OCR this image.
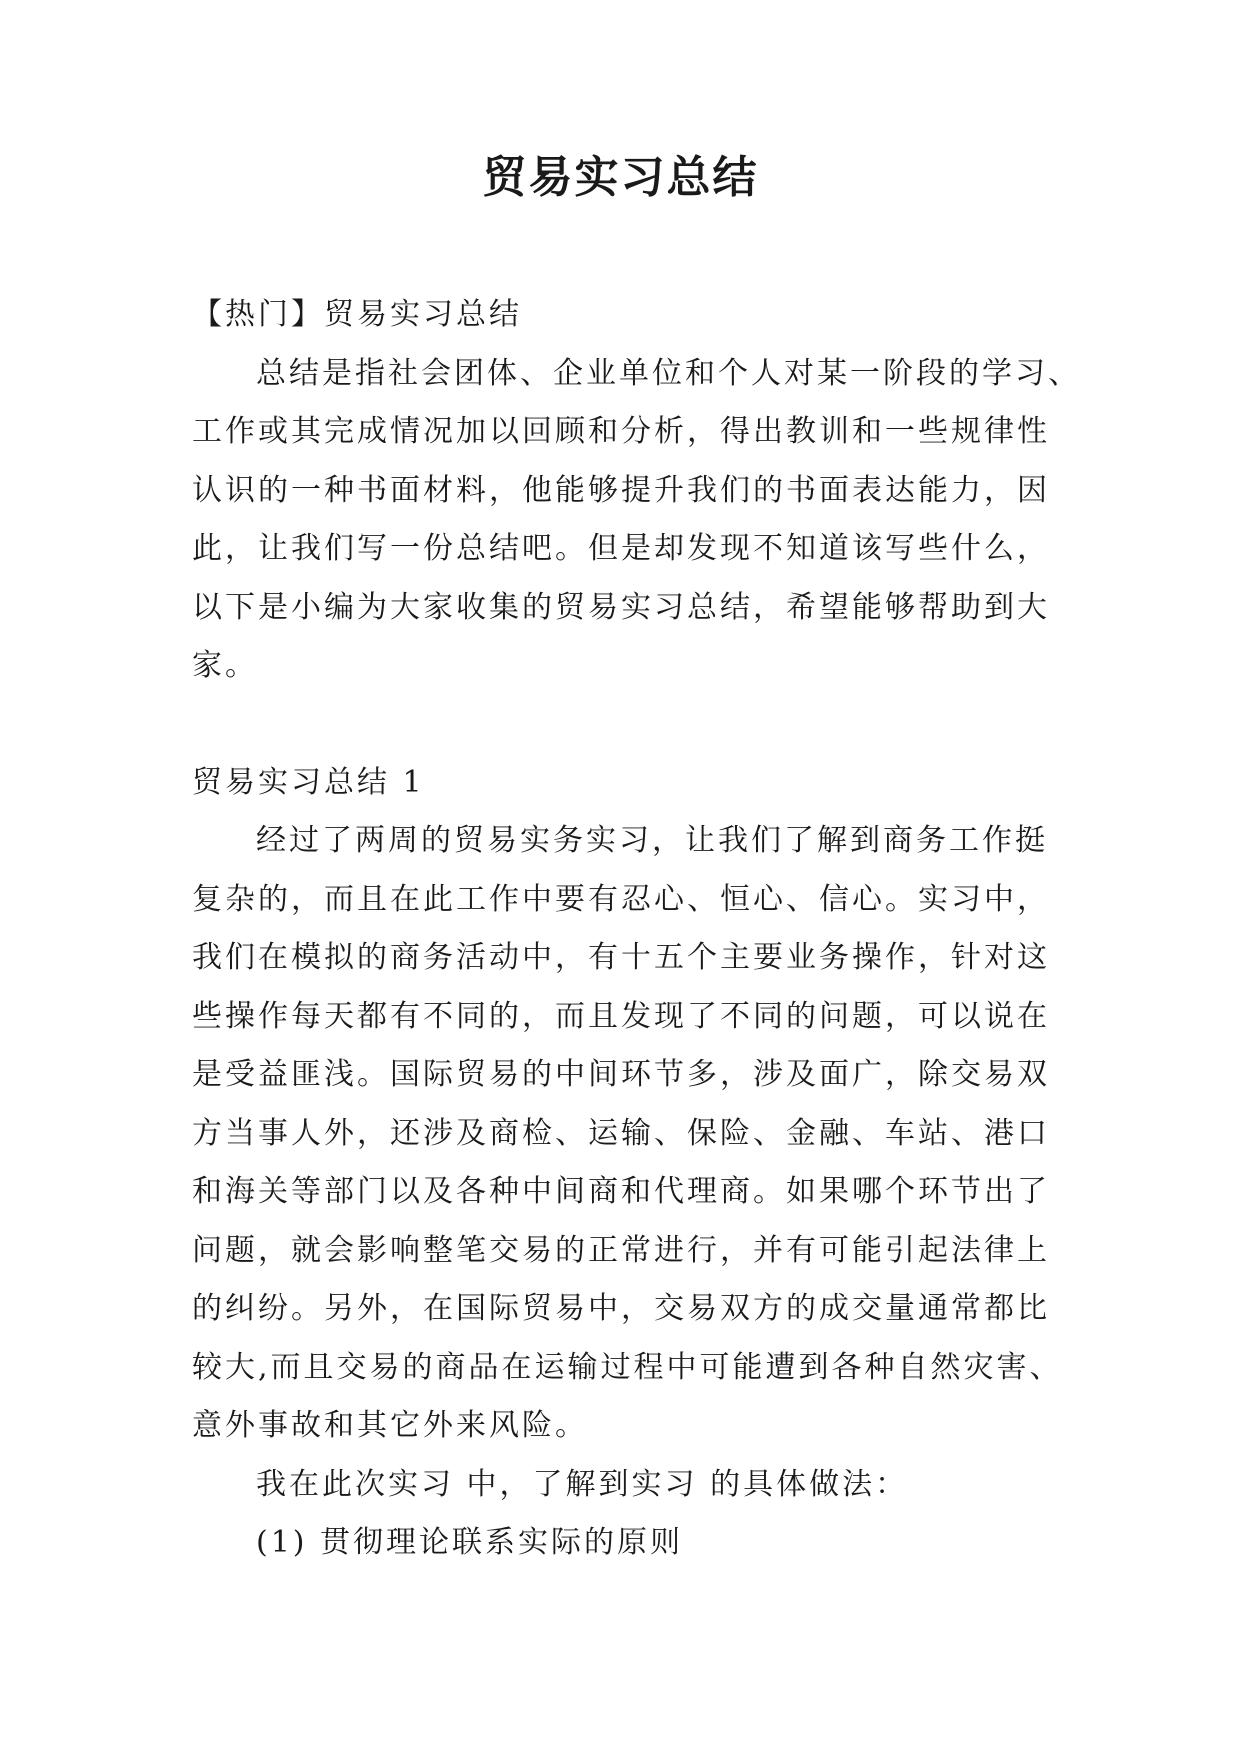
贸易实习总结
【热门】贸易实习总结
总结是指社会团体、企业单位和个人对某一阶段的学习、
工作或其完成情况加以回顾和分析，得出教训和一些规律性
认识的一种书面材料，他能够提升我们的书面表达能力，因
此，让我们写一份总结吧。但是却发现不知道该写些什么，
以下是小编为大家收集的贸易实习总结，希望能够帮助到大
家。
贸易实习总结 1
经过了两周的贸易实务实习，让我们了解到商务工作挺
复杂的，而且在此工作中要有忍心、恒心、信心。实习中，
我们在模拟的商务活动中，有十五个主要业务操作，针对这
些操作每天都有不同的，而且发现了不同的问题，可以说在
是受益匪浅。国际贸易的中间环节多，涉及面广，除交易双
方当事人外，还涉及商检、运输、保险、金融、车站、港口
和海关等部门以及各种中间商和代理商。如果哪个环节出了
问题，就会影响整笔交易的正常进行，并有可能引起法律上
的纠纷。另外，在国际贸易中，交易双方的成交量通常都比
较大,而且交易的商品在运输过程中可能遭到各种自然灾害、
意外事故和其它外来风险。
我在此次实习 中，了解到实习 的具体做法：
(1) 贯彻理论联系实际的原则
